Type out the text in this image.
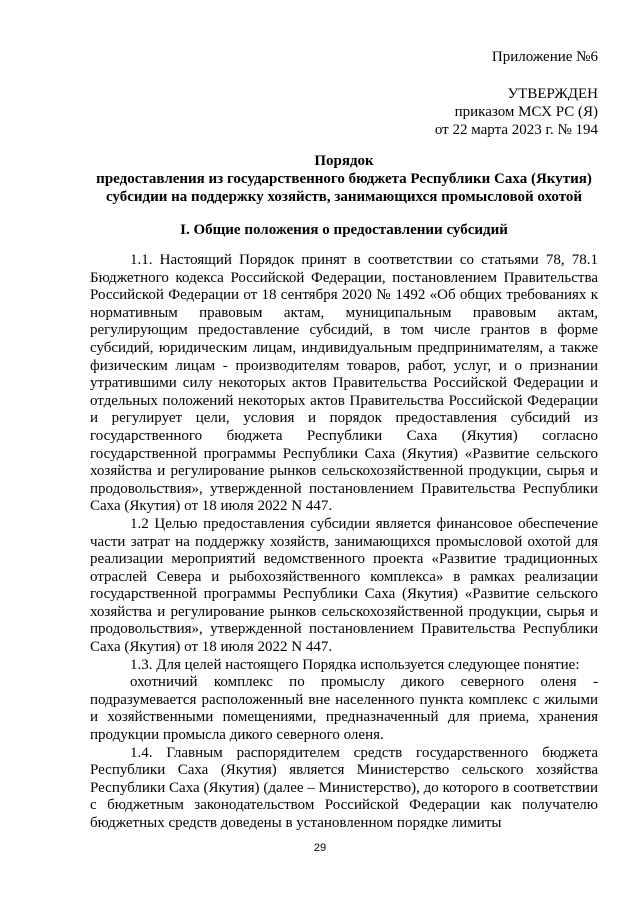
Приложение №6
УТВЕРЖДЕН
приказом МСХ РС (Я)
от 22 марта 2023 г. № 194
Порядок
предоставления из государственного бюджета Республики Саха (Якутия)
субсидии на поддержку хозяйств, занимающихся промысловой охотой
I. Общие положения о предоставлении субсидий

1.1. Настоящий Порядок принят в соответствии со статьями 78, 78.1 Бюджетного кодекса Российской Федерации, постановлением Правительства Российской Федерации от 18 сентября 2020 № 1492 «Об общих требованиях к нормативным правовым актам, муниципальным правовым актам, регулирующим предоставление субсидий, в том числе грантов в форме субсидий, юридическим лицам, индивидуальным предпринимателям, а также физическим лицам - производителям товаров, работ, услуг, и о признании утратившими силу некоторых актов Правительства Российской Федерации и отдельных положений некоторых актов Правительства Российской Федерации и регулирует цели, условия и порядок предоставления субсидий из государственного бюджета Республики Саха (Якутия) согласно государственной программы Республики Саха (Якутия) «Развитие сельского хозяйства и регулирование рынков сельскохозяйственной продукции, сырья и продовольствия», утвержденной постановлением Правительства Республики Саха (Якутия) от 18 июля 2022 N 447.

1.2 Целью предоставления субсидии является финансовое обеспечение части затрат на поддержку хозяйств, занимающихся промысловой охотой для реализации мероприятий ведомственного проекта «Развитие традиционных отраслей Севера и рыбохозяйственного комплекса» в рамках реализации государственной программы Республики Саха (Якутия) «Развитие сельского хозяйства и регулирование рынков сельскохозяйственной продукции, сырья и продовольствия», утвержденной постановлением Правительства Республики Саха (Якутия) от 18 июля 2022 N 447.

1.3. Для целей настоящего Порядка используется следующее понятие:

охотничий комплекс по промыслу дикого северного оленя - подразумевается расположенный вне населенного пункта комплекс с жилыми и хозяйственными помещениями, предназначенный для приема, хранения продукции промысла дикого северного оленя.

1.4. Главным распорядителем средств государственного бюджета Республики Саха (Якутия) является Министерство сельского хозяйства Республики Саха (Якутия) (далее – Министерство), до которого в соответствии с бюджетным законодательством Российской Федерации как получателю бюджетных средств доведены в установленном порядке лимиты

29
